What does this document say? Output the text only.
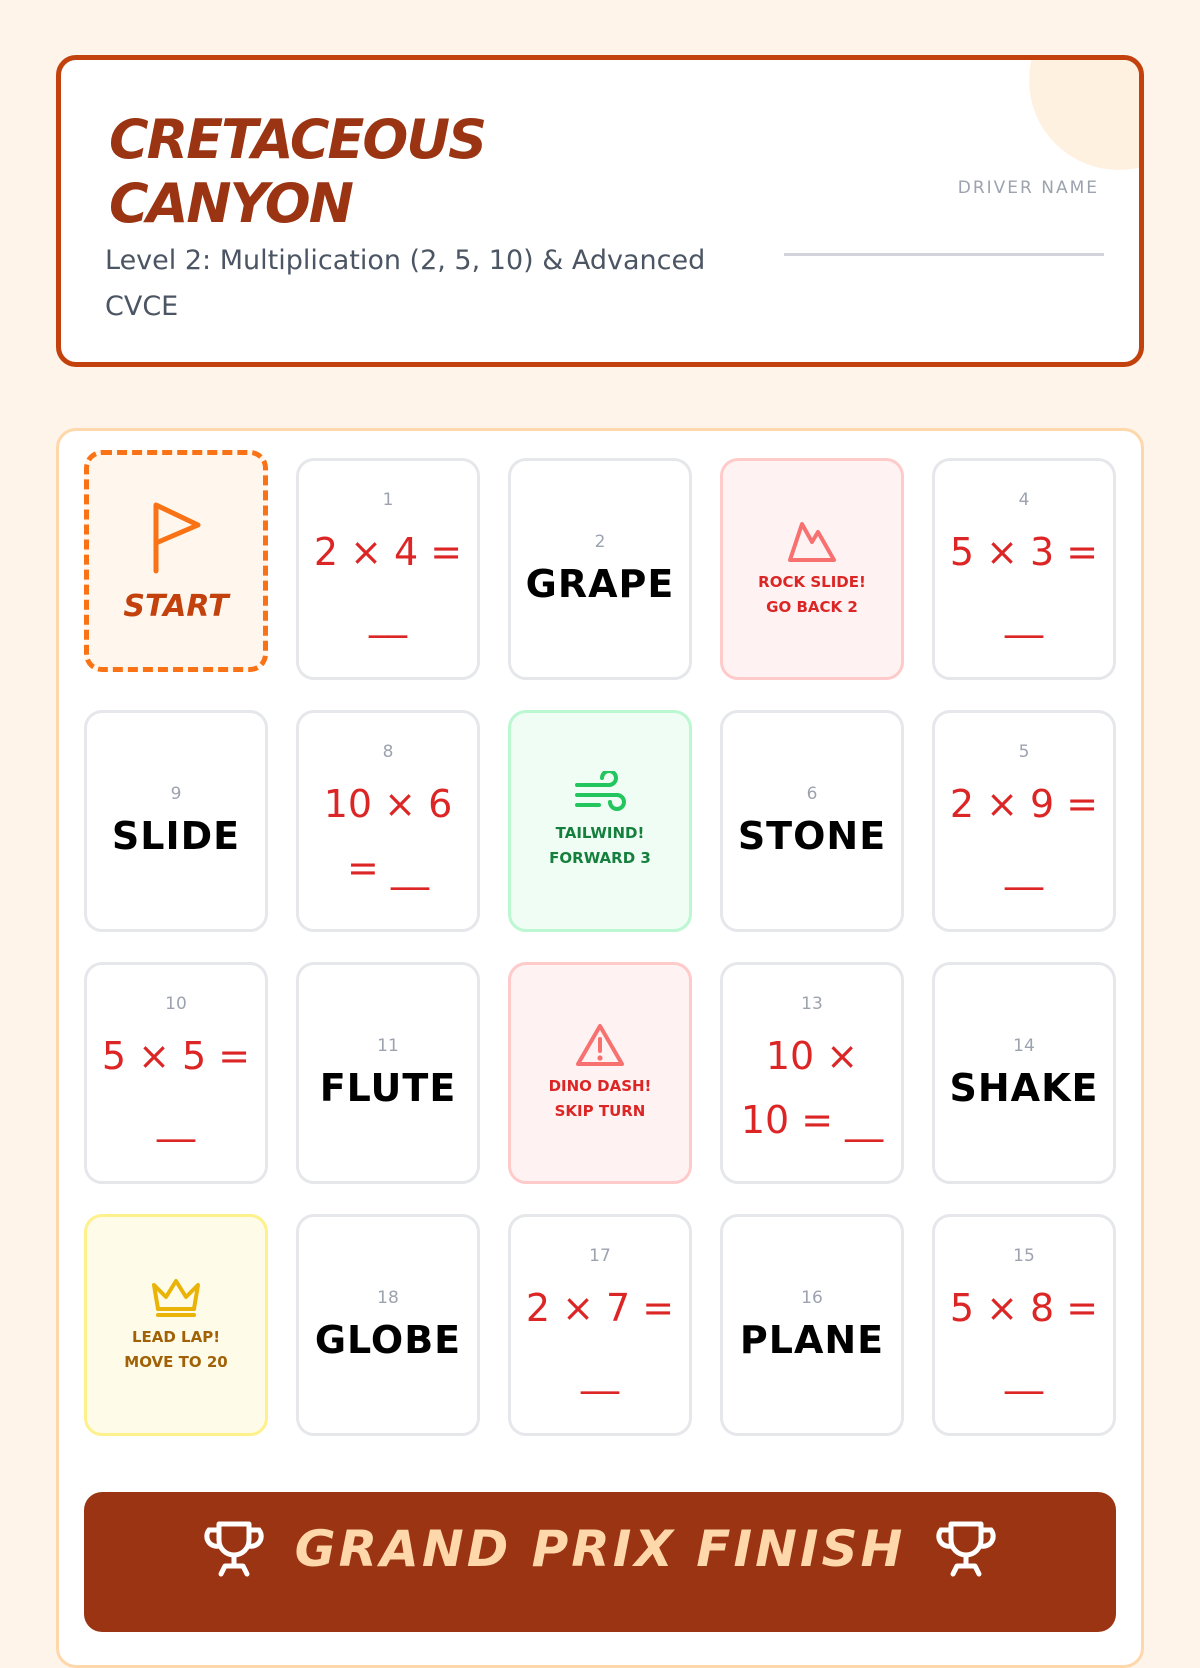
CRETACEOUS CANYON
Level 2: Multiplication (2, 5, 10) & Advanced CVCE
DRIVER NAME
START
1
2 × 4 = __
2
GRAPE	ROCK SLIDE!
GO BACK 2
4
5 × 3 = __
9
SLIDE
8
10 × 6 = __
TAILWIND!
FORWARD 3
6
STONE
5
2 × 9 = __
10
5 × 5 = __
11
FLUTE	DINO DASH!
SKIP TURN
13
10 × 10 = __
14
SHAKE
LEAD LAP!
MOVE TO 20
18
GLOBE
17
2 × 7 = __
16
PLANE
15
5 × 8 = __
GRAND PRIX FINISH
